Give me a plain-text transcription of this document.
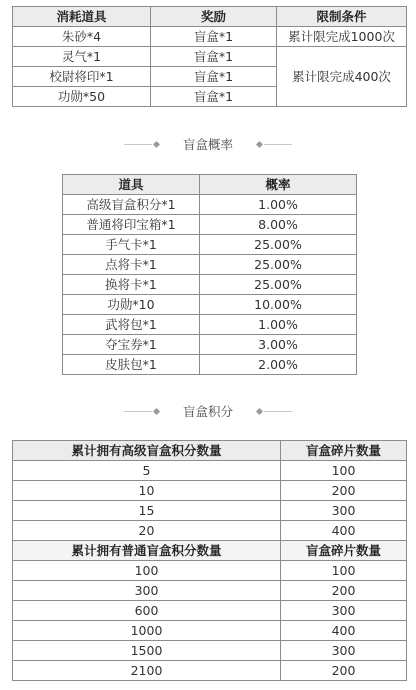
消耗道具	奖励	限制条件
朱砂*4	盲盒*1	累计限完成1000次
灵气*1	盲盒*1	累计限完成400次
校尉将印*1	盲盒*1	
功勋*50	盲盒*1	
盲盒概率
道具	概率
高级盲盒积分*1	1.00%
普通将印宝箱*1	8.00%
手气卡*1	25.00%
点将卡*1	25.00%
换将卡*1	25.00%
功勋*10	10.00%
武将包*1	1.00%
夺宝券*1	3.00%
皮肤包*1	2.00%
盲盒积分
累计拥有高级盲盒积分数量	盲盒碎片数量
5	100
10	200
15	300
20	400
累计拥有普通盲盒积分数量	盲盒碎片数量
100	100
300	200
600	300
1000	400
1500	300
2100	200
